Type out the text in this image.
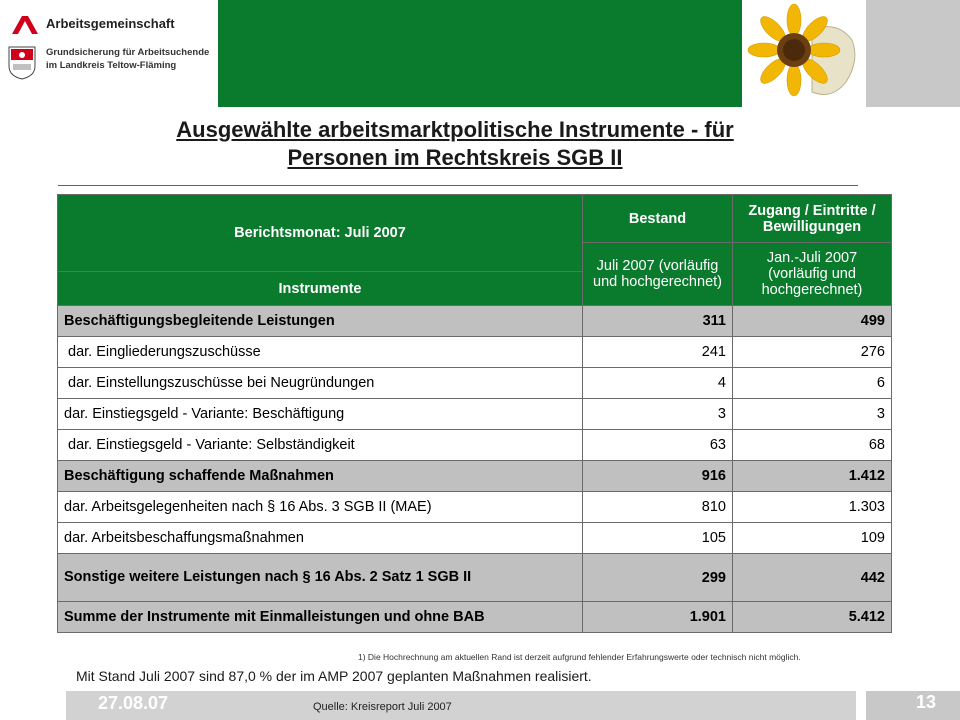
Arbeitsgemeinschaft
Grundsicherung für Arbeitsuchende
im Landkreis Teltow-Fläming
Ausgewählte arbeitsmarktpolitische Instrumente - für
Personen im Rechtskreis SGB II
Berichtsmonat: Juli 2007	Bestand	Zugang / Eintritte / Bewilligungen
	Juli 2007 (vorläufig und hochgerechnet)	Jan.-Juli 2007 (vorläufig und hochgerechnet)
Instrumente		
Beschäftigungsbegleitende Leistungen	311	499
dar. Eingliederungszuschüsse	241	276
dar. Einstellungszuschüsse bei Neugründungen	4	6
dar. Einstiegsgeld - Variante: Beschäftigung	3	3
dar. Einstiegsgeld - Variante: Selbständigkeit	63	68
Beschäftigung schaffende Maßnahmen	916	1.412
dar. Arbeitsgelegenheiten nach § 16 Abs. 3 SGB II (MAE)	810	1.303
dar. Arbeitsbeschaffungsmaßnahmen	105	109
Sonstige weitere Leistungen nach § 16 Abs. 2 Satz 1 SGB II	299	442
Summe der Instrumente mit Einmalleistungen und ohne BAB	1.901	5.412
1) Die Hochrechnung am aktuellen Rand ist derzeit aufgrund fehlender Erfahrungswerte oder technisch nicht möglich.
Mit Stand Juli 2007 sind 87,0 % der im AMP 2007 geplanten Maßnahmen realisiert.
27.08.07	Quelle: Kreisreport Juli 2007	13
